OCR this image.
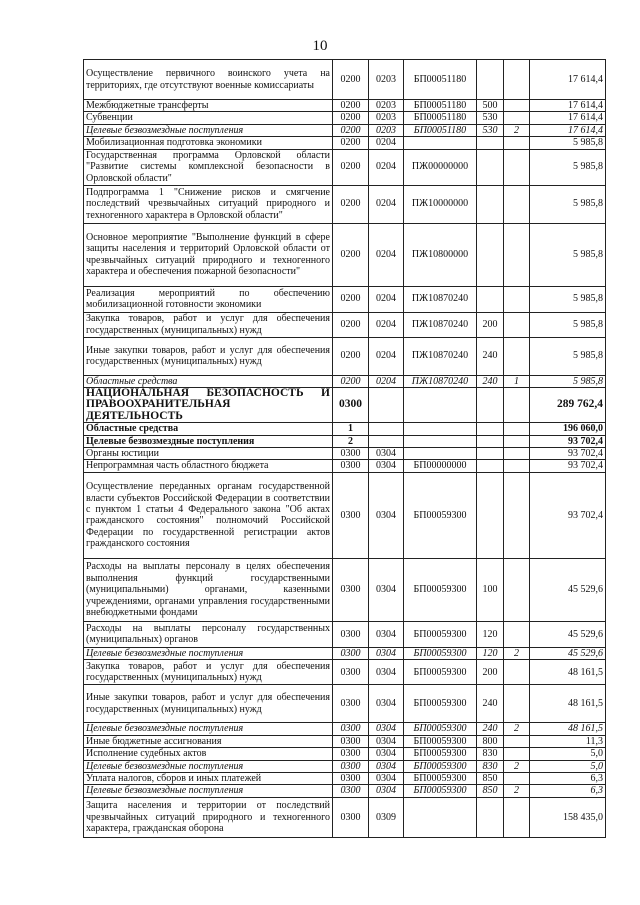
10
Осуществление первичного воинского учета на территориях, где отсутствуют военные комиссариаты	0200	0203	БП00051180			17 614,4
Межбюджетные трансферты	0200	0203	БП00051180	500		17 614,4
Субвенции	0200	0203	БП00051180	530		17 614,4
Целевые безвозмездные поступления	0200	0203	БП00051180	530	2	17 614,4
Мобилизационная подготовка экономики	0200	0204				5 985,8
Государственная программа Орловской области "Развитие системы комплексной безопасности в Орловской области"	0200	0204	ПЖ00000000			5 985,8
Подпрограмма 1 "Снижение рисков и смягчение последствий чрезвычайных ситуаций природного и техногенного характера в Орловской области"	0200	0204	ПЖ10000000			5 985,8
Основное мероприятие "Выполнение функций в сфере защиты населения и территорий Орловской области от чрезвычайных ситуаций природного и техногенного характера и обеспечения пожарной безопасности"	0200	0204	ПЖ10800000			5 985,8
Реализация мероприятий по обеспечению мобилизационной готовности экономики	0200	0204	ПЖ10870240			5 985,8
Закупка товаров, работ и услуг для обеспечения государственных (муниципальных) нужд	0200	0204	ПЖ10870240	200		5 985,8
Иные закупки товаров, работ и услуг для обеспечения государственных (муниципальных) нужд	0200	0204	ПЖ10870240	240		5 985,8
Областные средства	0200	0204	ПЖ10870240	240	1	5 985,8
НАЦИОНАЛЬНАЯ БЕЗОПАСНОСТЬ И ПРАВООХРАНИТЕЛЬНАЯ ДЕЯТЕЛЬНОСТЬ	0300					289 762,4
Областные средства	1					196 060,0
Целевые безвозмездные поступления	2					93 702,4
Органы юстиции	0300	0304				93 702,4
Непрограммная часть областного бюджета	0300	0304	БП00000000			93 702,4
Осуществление переданных органам государственной власти субъектов Российской Федерации в соответствии с пунктом 1 статьи 4 Федерального закона "Об актах гражданского состояния" полномочий Российской Федерации по государственной регистрации актов гражданского состояния	0300	0304	БП00059300			93 702,4
Расходы на выплаты персоналу в целях обеспечения выполнения функций государственными (муниципальными) органами, казенными учреждениями, органами управления государственными внебюджетными фондами	0300	0304	БП00059300	100		45 529,6
Расходы на выплаты персоналу государственных (муниципальных) органов	0300	0304	БП00059300	120		45 529,6
Целевые безвозмездные поступления	0300	0304	БП00059300	120	2	45 529,6
Закупка товаров, работ и услуг для обеспечения государственных (муниципальных) нужд	0300	0304	БП00059300	200		48 161,5
Иные закупки товаров, работ и услуг для обеспечения государственных (муниципальных) нужд	0300	0304	БП00059300	240		48 161,5
Целевые безвозмездные поступления	0300	0304	БП00059300	240	2	48 161,5
Иные бюджетные ассигнования	0300	0304	БП00059300	800		11,3
Исполнение судебных актов	0300	0304	БП00059300	830		5,0
Целевые безвозмездные поступления	0300	0304	БП00059300	830	2	5,0
Уплата налогов, сборов и иных платежей	0300	0304	БП00059300	850		6,3
Целевые безвозмездные поступления	0300	0304	БП00059300	850	2	6,3
Защита населения и территории от последствий чрезвычайных ситуаций природного и техногенного характера, гражданская оборона	0300	0309				158 435,0
